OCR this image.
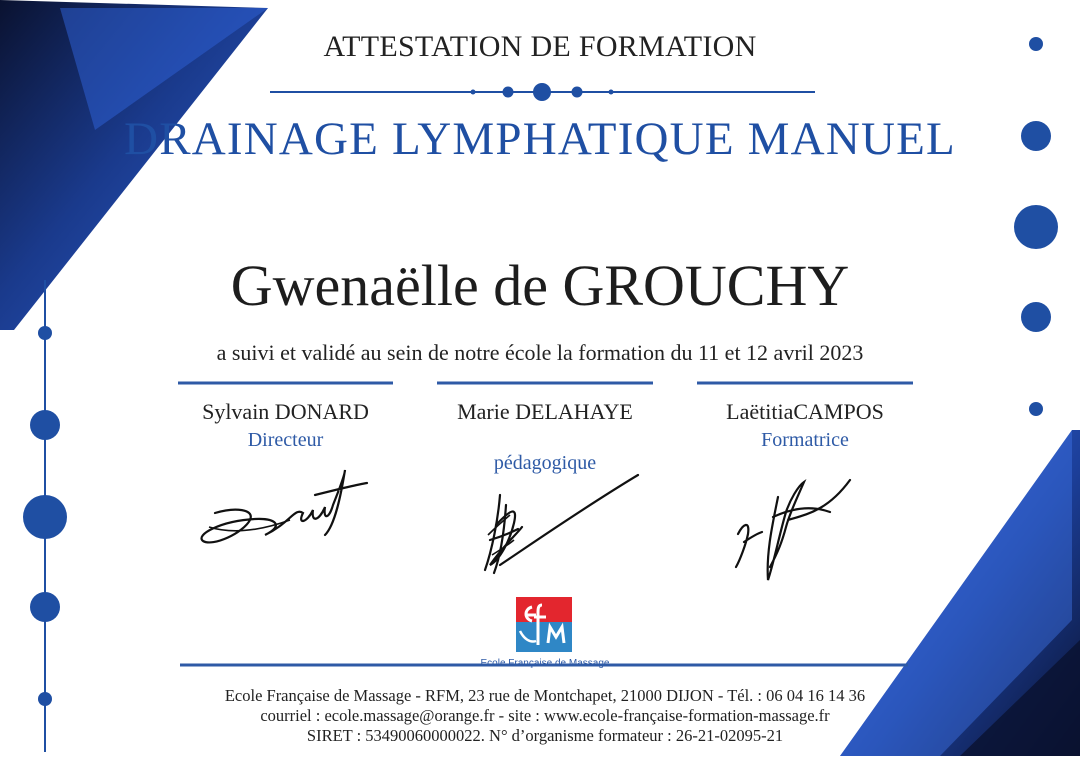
ATTESTATION DE FORMATION
DRAINAGE LYMPHATIQUE MANUEL
Gwenaëlle de GROUCHY
a suivi et validé au sein de notre école la formation du 11 et 12 avril 2023
Sylvain DONARD
Directeur
Marie DELAHAYE
pédagogique
LaëtitiaCAMPOS
Formatrice
Ecole Française de Massage
Ecole Française de Massage - RFM, 23 rue de Montchapet, 21000 DIJON - Tél. : 06 04 16 14 36
courriel : ecole.massage@orange.fr - site : www.ecole-française-formation-massage.fr
SIRET : 53490060000022. N° d’organisme formateur : 26-21-02095-21
